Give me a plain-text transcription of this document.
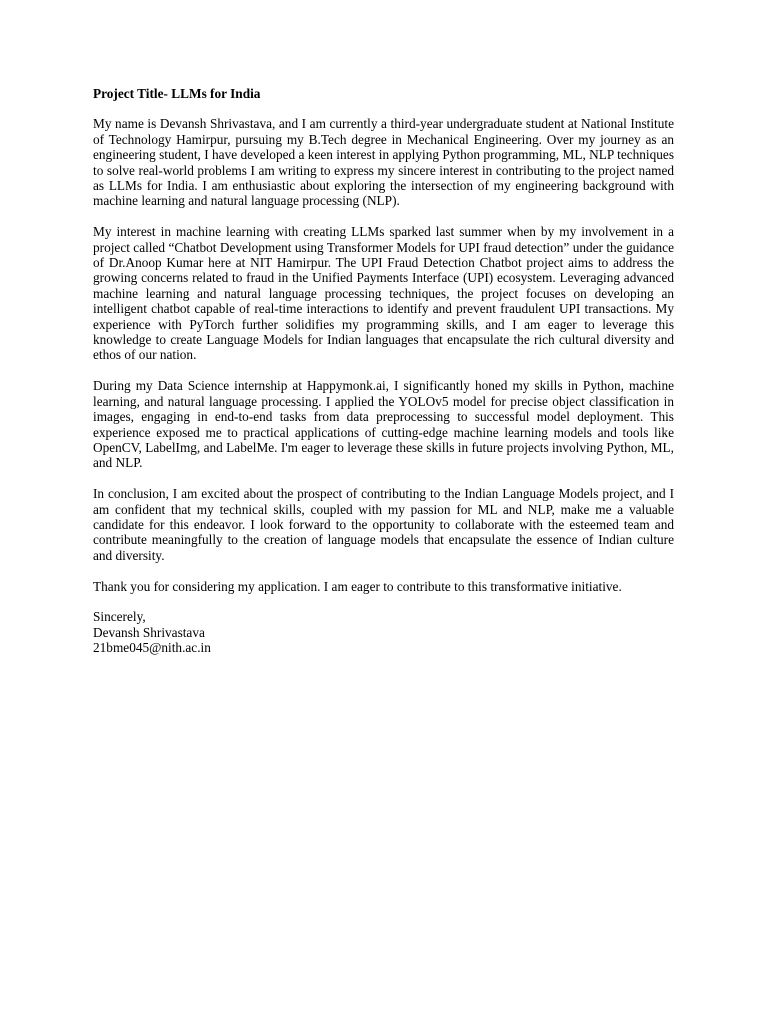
Project Title- LLMs for India

My name is Devansh Shrivastava, and I am currently a third-year undergraduate student at National Institute of Technology Hamirpur, pursuing my B.Tech degree in Mechanical Engineering. Over my journey as an engineering student, I have developed a keen interest in applying Python programming, ML, NLP techniques to solve real-world problems I am writing to express my sincere interest in contributing to the project named as LLMs for India. I am enthusiastic about exploring the intersection of my engineering background with machine learning and natural language processing (NLP).

My interest in machine learning with creating LLMs sparked last summer when by my involvement in a project called “Chatbot Development using Transformer Models for UPI fraud detection” under the guidance of Dr.Anoop Kumar here at NIT Hamirpur. The UPI Fraud Detection Chatbot project aims to address the growing concerns related to fraud in the Unified Payments Interface (UPI) ecosystem. Leveraging advanced machine learning and natural language processing techniques, the project focuses on developing an intelligent chatbot capable of real-time interactions to identify and prevent fraudulent UPI transactions. My experience with PyTorch further solidifies my programming skills, and I am eager to leverage this knowledge to create Language Models for Indian languages that encapsulate the rich cultural diversity and ethos of our nation.

During my Data Science internship at Happymonk.ai, I significantly honed my skills in Python, machine learning, and natural language processing. I applied the YOLOv5 model for precise object classification in images, engaging in end-to-end tasks from data preprocessing to successful model deployment. This experience exposed me to practical applications of cutting-edge machine learning models and tools like OpenCV, LabelImg, and LabelMe. I'm eager to leverage these skills in future projects involving Python, ML, and NLP.

In conclusion, I am excited about the prospect of contributing to the Indian Language Models project, and I am confident that my technical skills, coupled with my passion for ML and NLP, make me a valuable candidate for this endeavor. I look forward to the opportunity to collaborate with the esteemed team and contribute meaningfully to the creation of language models that encapsulate the essence of Indian culture and diversity.

Thank you for considering my application. I am eager to contribute to this transformative initiative.

Sincerely,
Devansh Shrivastava
21bme045@nith.ac.in
